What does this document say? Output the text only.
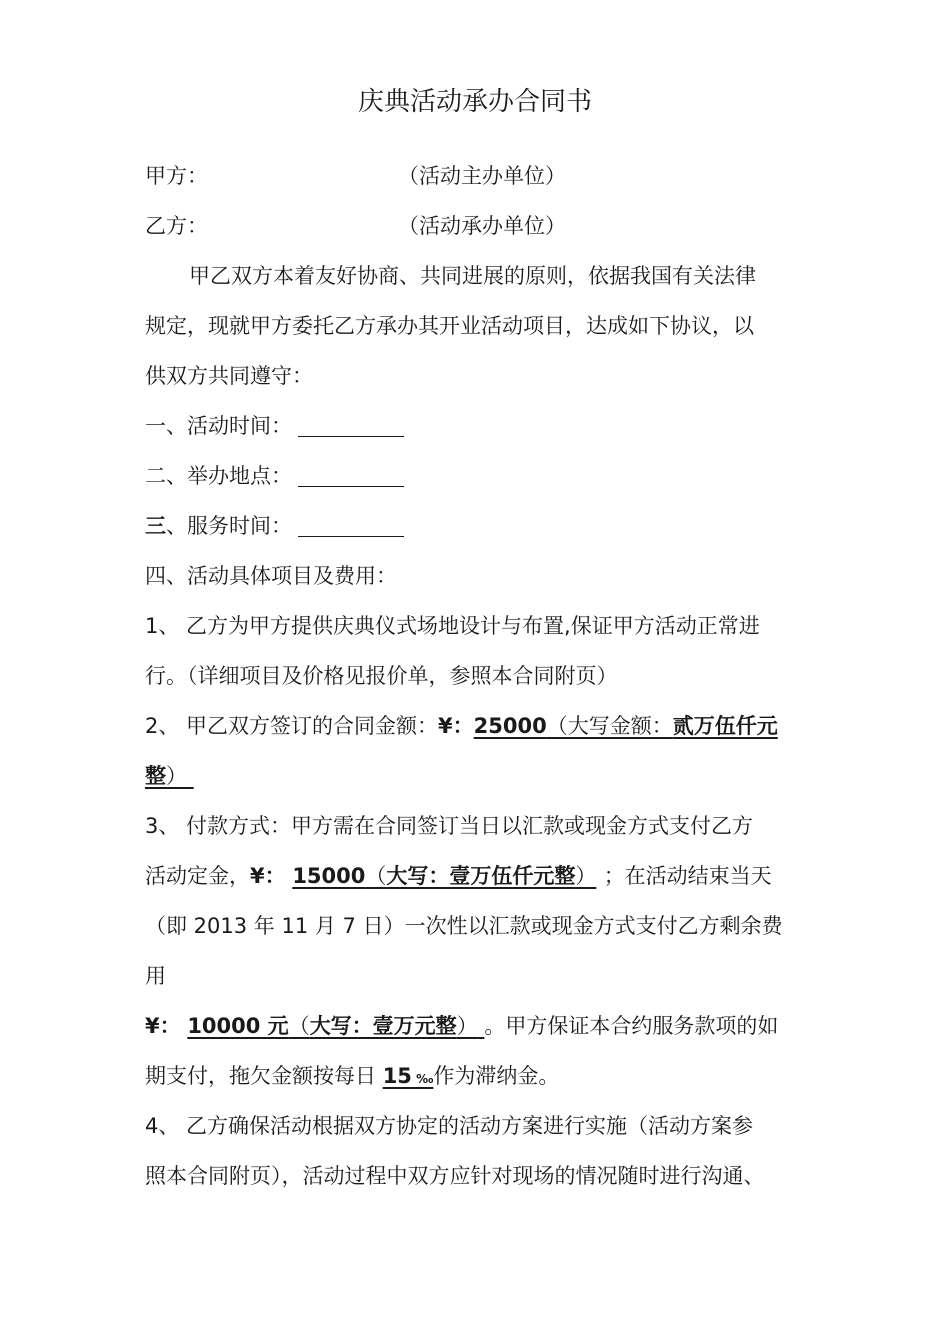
庆典活动承办合同书
甲方：	（活动主办单位）
乙方：	（活动承办单位）
甲乙双方本着友好协商、共同进展的原则，依据我国有关法律
规定，现就甲方委托乙方承办其开业活动项目，达成如下协议，以
供双方共同遵守：
一、活动时间：
二、举办地点：
三、服务时间：
四、活动具体项目及费用：
1、 乙方为甲方提供庆典仪式场地设计与布置,保证甲方活动正常进
行。（详细项目及价格见报价单，参照本合同附页）
2、 甲乙双方签订的合同金额：¥：25000（大写金额：贰万伍仟元
整）
3、 付款方式：甲方需在合同签订当日以汇款或现金方式支付乙方
活动定金，¥： 15000（大写：壹万伍仟元整） ；在活动结束当天
（即 2013 年 11 月 7 日）一次性以汇款或现金方式支付乙方剩余费
用
¥： 10000 元（大写：壹万元整） 。甲方保证本合约服务款项的如
期支付，拖欠金额按每日 15 ‰作为滞纳金。
4、 乙方确保活动根据双方协定的活动方案进行实施（活动方案参
照本合同附页），活动过程中双方应针对现场的情况随时进行沟通、
